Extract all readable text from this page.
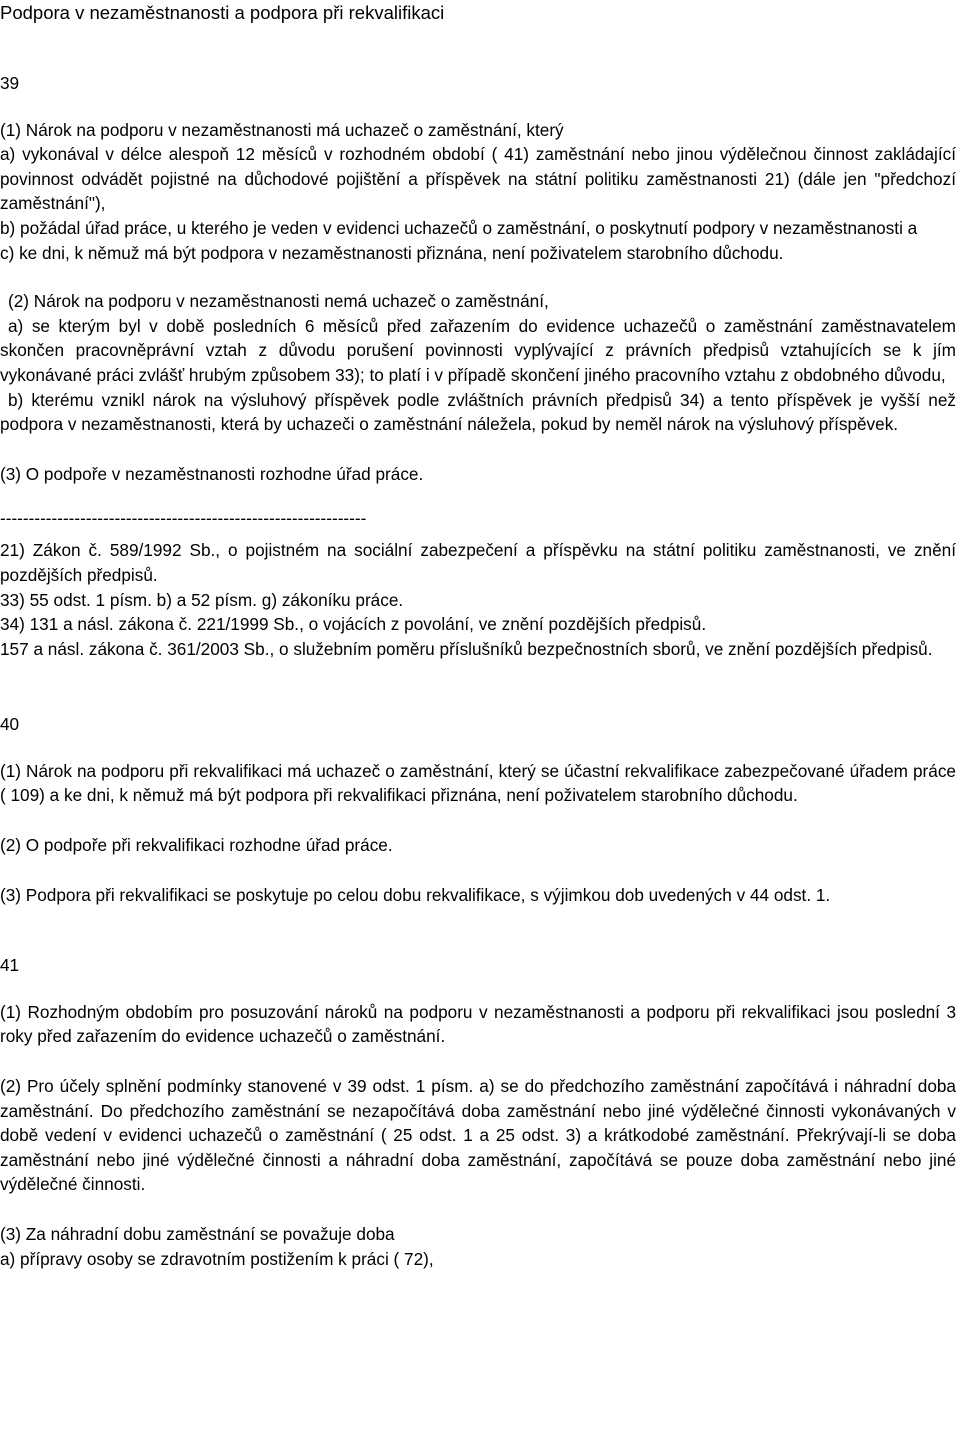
Podpora v nezaměstnanosti a podpora při rekvalifikaci
39

(1) Nárok na podporu v nezaměstnanosti má uchazeč o zaměstnání, který

a) vykonával v délce alespoň 12 měsíců v rozhodném období ( 41) zaměstnání nebo jinou výdělečnou činnost zakládající povinnost odvádět pojistné na důchodové pojištění a příspěvek na státní politiku zaměstnanosti 21) (dále jen "předchozí zaměstnání"),

b) požádal úřad práce, u kterého je veden v evidenci uchazečů o zaměstnání, o poskytnutí podpory v nezaměstnanosti a

c) ke dni, k němuž má být podpora v nezaměstnanosti přiznána, není poživatelem starobního důchodu.

(2) Nárok na podporu v nezaměstnanosti nemá uchazeč o zaměstnání,

a) se kterým byl v době posledních 6 měsíců před zařazením do evidence uchazečů o zaměstnání zaměstnavatelem skončen pracovněprávní vztah z důvodu porušení povinnosti vyplývající z právních předpisů vztahujících se k jím vykonávané práci zvlášť hrubým způsobem 33); to platí i v případě skončení jiného pracovního vztahu z obdobného důvodu,

b) kterému vznikl nárok na výsluhový příspěvek podle zvláštních právních předpisů 34) a tento příspěvek je vyšší než podpora v nezaměstnanosti, která by uchazeči o zaměstnání náležela, pokud by neměl nárok na výsluhový příspěvek.

(3) O podpoře v nezaměstnanosti rozhodne úřad práce.

----------------------------------------------------------------

21) Zákon č. 589/1992 Sb., o pojistném na sociální zabezpečení a příspěvku na státní politiku zaměstnanosti, ve znění pozdějších předpisů.

33) 55 odst. 1 písm. b) a 52 písm. g) zákoníku práce.

34) 131 a násl. zákona č. 221/1999 Sb., o vojácích z povolání, ve znění pozdějších předpisů.

157 a násl. zákona č. 361/2003 Sb., o služebním poměru příslušníků bezpečnostních sborů, ve znění pozdějších předpisů.

40

(1) Nárok na podporu při rekvalifikaci má uchazeč o zaměstnání, který se účastní rekvalifikace zabezpečované úřadem práce ( 109) a ke dni, k němuž má být podpora při rekvalifikaci přiznána, není poživatelem starobního důchodu.

(2) O podpoře při rekvalifikaci rozhodne úřad práce.

(3) Podpora při rekvalifikaci se poskytuje po celou dobu rekvalifikace, s výjimkou dob uvedených v 44 odst. 1.

41

(1) Rozhodným obdobím pro posuzování nároků na podporu v nezaměstnanosti a podporu při rekvalifikaci jsou poslední 3 roky před zařazením do evidence uchazečů o zaměstnání.

(2) Pro účely splnění podmínky stanovené v 39 odst. 1 písm. a) se do předchozího zaměstnání započítává i náhradní doba zaměstnání. Do předchozího zaměstnání se nezapočítává doba zaměstnání nebo jiné výdělečné činnosti vykonávaných v době vedení v evidenci uchazečů o zaměstnání ( 25 odst. 1 a 25 odst. 3) a krátkodobé zaměstnání. Překrývají-li se doba zaměstnání nebo jiné výdělečné činnosti a náhradní doba zaměstnání, započítává se pouze doba zaměstnání nebo jiné výdělečné činnosti.

(3) Za náhradní dobu zaměstnání se považuje doba

a) přípravy osoby se zdravotním postižením k práci ( 72),
